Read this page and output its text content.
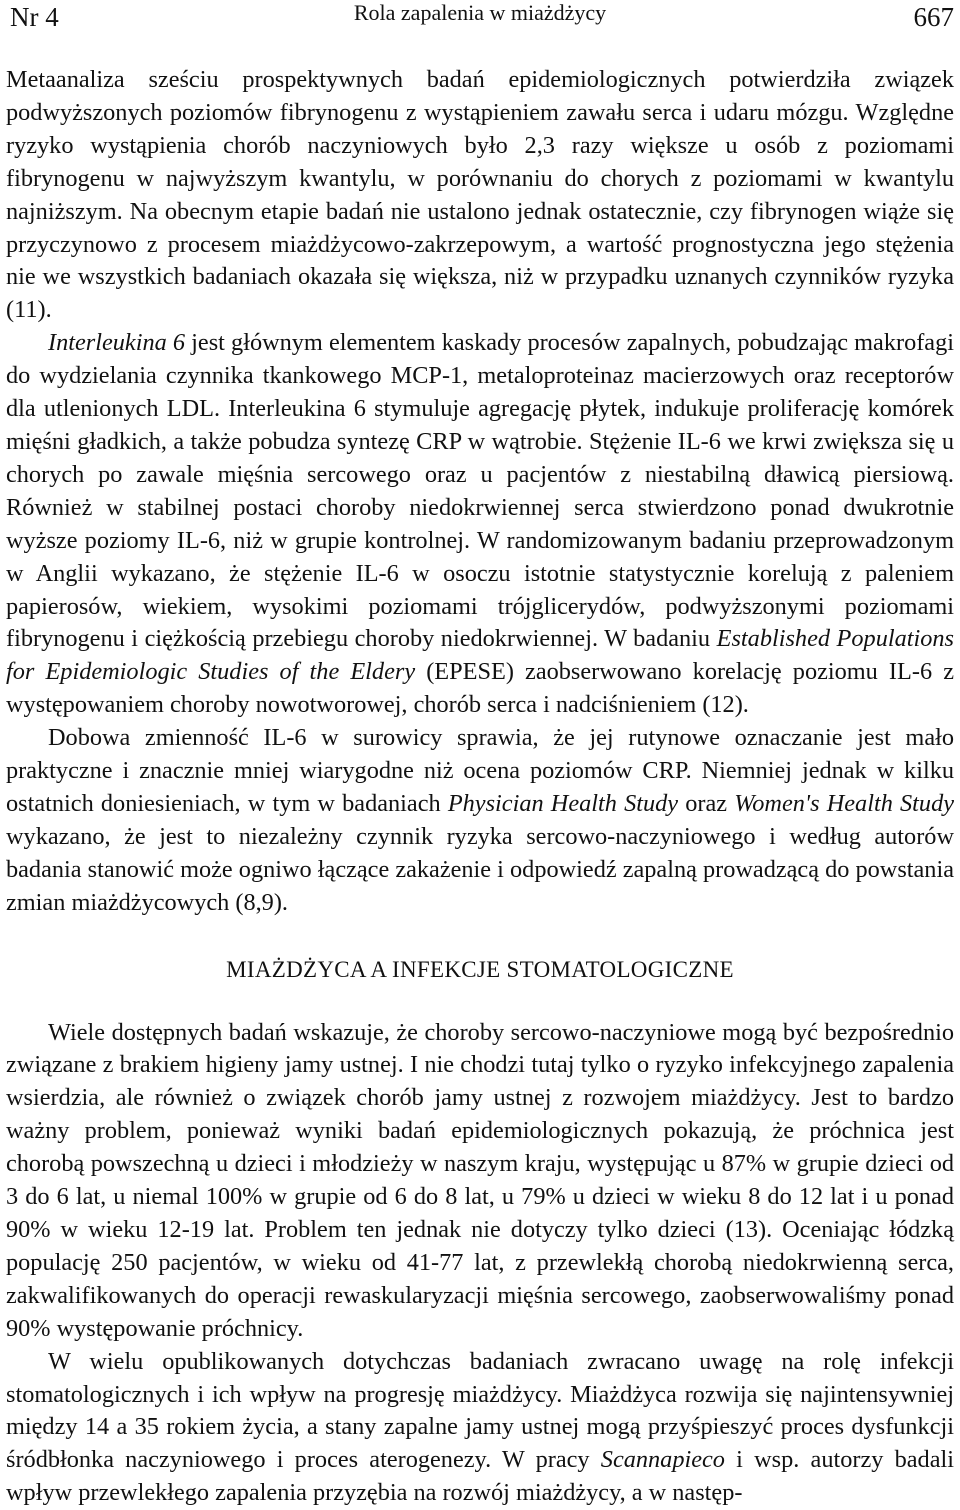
Nr 4	Rola zapalenia w miażdżycy	667

Metaanaliza sześciu prospektywnych badań epidemiologicznych potwierdziła związek podwyższonych poziomów fibrynogenu z wystąpieniem zawału serca i udaru mózgu. Względne ryzyko wystąpienia chorób naczyniowych było 2,3 razy większe u osób z poziomami fibrynogenu w najwyższym kwantylu, w porównaniu do chorych z poziomami w kwantylu najniższym. Na obecnym etapie badań nie ustalono jednak ostatecznie, czy fibrynogen wiąże się przyczynowo z procesem miażdżycowo-zakrzepowym, a wartość prognostyczna jego stężenia nie we wszystkich badaniach okazała się większa, niż w przypadku uznanych czynników ryzyka (11).

Interleukina 6 jest głównym elementem kaskady procesów zapalnych, pobudzając makrofagi do wydzielania czynnika tkankowego MCP-1, metaloproteinaz macierzowych oraz receptorów dla utlenionych LDL. Interleukina 6 stymuluje agregację płytek, indukuje proliferację komórek mięśni gładkich, a także pobudza syntezę CRP w wątrobie. Stężenie IL-6 we krwi zwiększa się u chorych po zawale mięśnia sercowego oraz u pacjentów z niestabilną dławicą piersiową. Również w stabilnej postaci choroby niedokrwiennej serca stwierdzono ponad dwukrotnie wyższe poziomy IL-6, niż w grupie kontrolnej. W randomizowanym badaniu przeprowadzonym w Anglii wykazano, że stężenie IL-6 w osoczu istotnie statystycznie korelują z paleniem papierosów, wiekiem, wysokimi poziomami trójglicerydów, podwyższonymi poziomami fibrynogenu i ciężkością przebiegu choroby niedokrwiennej. W badaniu Established Populations for Epidemiologic Studies of the Eldery (EPESE) zaobserwowano korelację poziomu IL-6 z występowaniem choroby nowotworowej, chorób serca i nadciśnieniem (12).

Dobowa zmienność IL-6 w surowicy sprawia, że jej rutynowe oznaczanie jest mało praktyczne i znacznie mniej wiarygodne niż ocena poziomów CRP. Niemniej jednak w kilku ostatnich doniesieniach, w tym w badaniach Physician Health Study oraz Women's Health Study wykazano, że jest to niezależny czynnik ryzyka sercowo-naczyniowego i według autorów badania stanowić może ogniwo łączące zakażenie i odpowiedź zapalną prowadzącą do powstania zmian miażdżycowych (8,9).

MIAŻDŻYCA A INFEKCJE STOMATOLOGICZNE

Wiele dostępnych badań wskazuje, że choroby sercowo-naczyniowe mogą być bezpośrednio związane z brakiem higieny jamy ustnej. I nie chodzi tutaj tylko o ryzyko infekcyjnego zapalenia wsierdzia, ale również o związek chorób jamy ustnej z rozwojem miażdżycy. Jest to bardzo ważny problem, ponieważ wyniki badań epidemiologicznych pokazują, że próchnica jest chorobą powszechną u dzieci i młodzieży w naszym kraju, występując u 87% w grupie dzieci od 3 do 6 lat, u niemal 100% w grupie od 6 do 8 lat, u 79% u dzieci w wieku 8 do 12 lat i u ponad 90% w wieku 12-19 lat. Problem ten jednak nie dotyczy tylko dzieci (13). Oceniając łódzką populację 250 pacjentów, w wieku od 41-77 lat, z przewlekłą chorobą niedokrwienną serca, zakwalifikowanych do operacji rewaskularyzacji mięśnia sercowego, zaobserwowaliśmy ponad 90% występowanie próchnicy.

W wielu opublikowanych dotychczas badaniach zwracano uwagę na rolę infekcji stomatologicznych i ich wpływ na progresję miażdżycy. Miażdżyca rozwija się najintensywniej między 14 a 35 rokiem życia, a stany zapalne jamy ustnej mogą przyśpieszyć proces dysfunkcji śródbłonka naczyniowego i proces aterogenezy. W pracy Scannapieco i wsp. autorzy badali wpływ przewlekłego zapalenia przyzębia na rozwój miażdżycy, a w następ-
